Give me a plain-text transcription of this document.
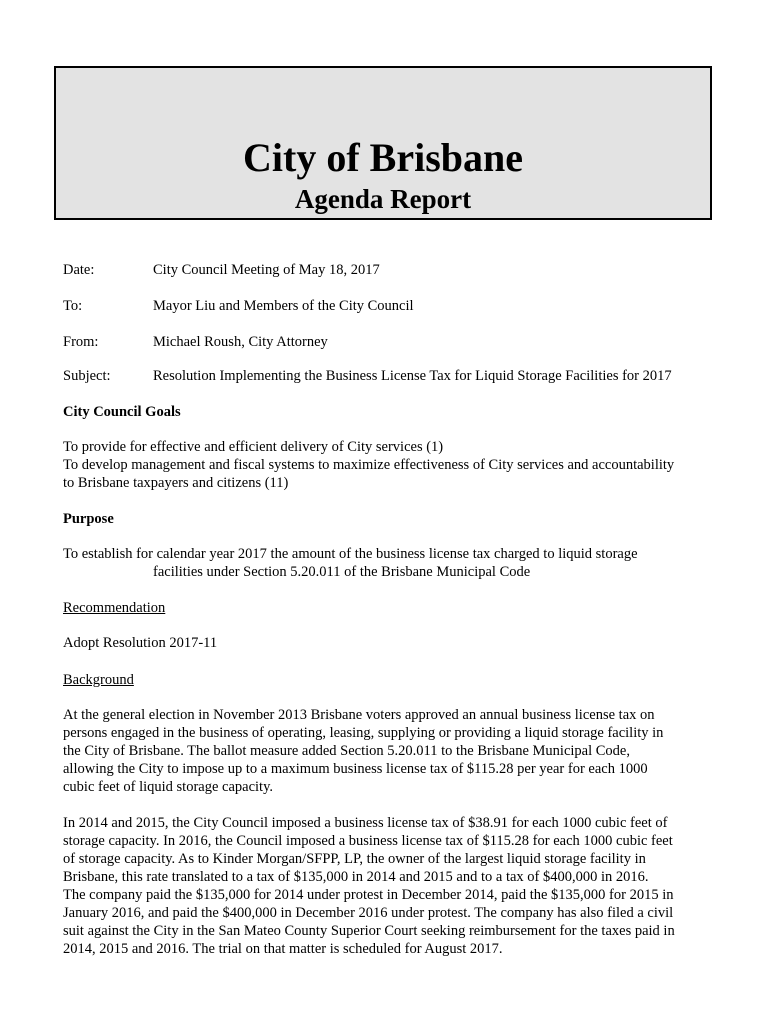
City of Brisbane
Agenda Report
Date:	City Council Meeting of May 18, 2017
To:	Mayor Liu and Members of the City Council
From:	Michael Roush, City Attorney
Subject:	Resolution Implementing the Business License Tax for Liquid Storage Facilities for 2017
City Council Goals
To provide for effective and efficient delivery of City services (1)
To develop management and fiscal systems to maximize effectiveness of City services and accountability
to Brisbane taxpayers and citizens (11)
Purpose
To establish for calendar year 2017 the amount of the business license tax charged to liquid storage
facilities under Section 5.20.011 of the Brisbane Municipal Code
Recommendation
Adopt Resolution 2017-11
Background
At the general election in November 2013 Brisbane voters approved an annual business license tax on
persons engaged in the business of operating, leasing, supplying or providing a liquid storage facility in
the City of Brisbane. The ballot measure added Section 5.20.011 to the Brisbane Municipal Code,
allowing the City to impose up to a maximum business license tax of $115.28 per year for each 1000
cubic feet of liquid storage capacity.
In 2014 and 2015, the City Council imposed a business license tax of $38.91 for each 1000 cubic feet of
storage capacity. In 2016, the Council imposed a business license tax of $115.28 for each 1000 cubic feet
of storage capacity. As to Kinder Morgan/SFPP, LP, the owner of the largest liquid storage facility in
Brisbane, this rate translated to a tax of $135,000 in 2014 and 2015 and to a tax of $400,000 in 2016.
The company paid the $135,000 for 2014 under protest in December 2014, paid the $135,000 for 2015 in
January 2016, and paid the $400,000 in December 2016 under protest. The company has also filed a civil
suit against the City in the San Mateo County Superior Court seeking reimbursement for the taxes paid in
2014, 2015 and 2016. The trial on that matter is scheduled for August 2017.
